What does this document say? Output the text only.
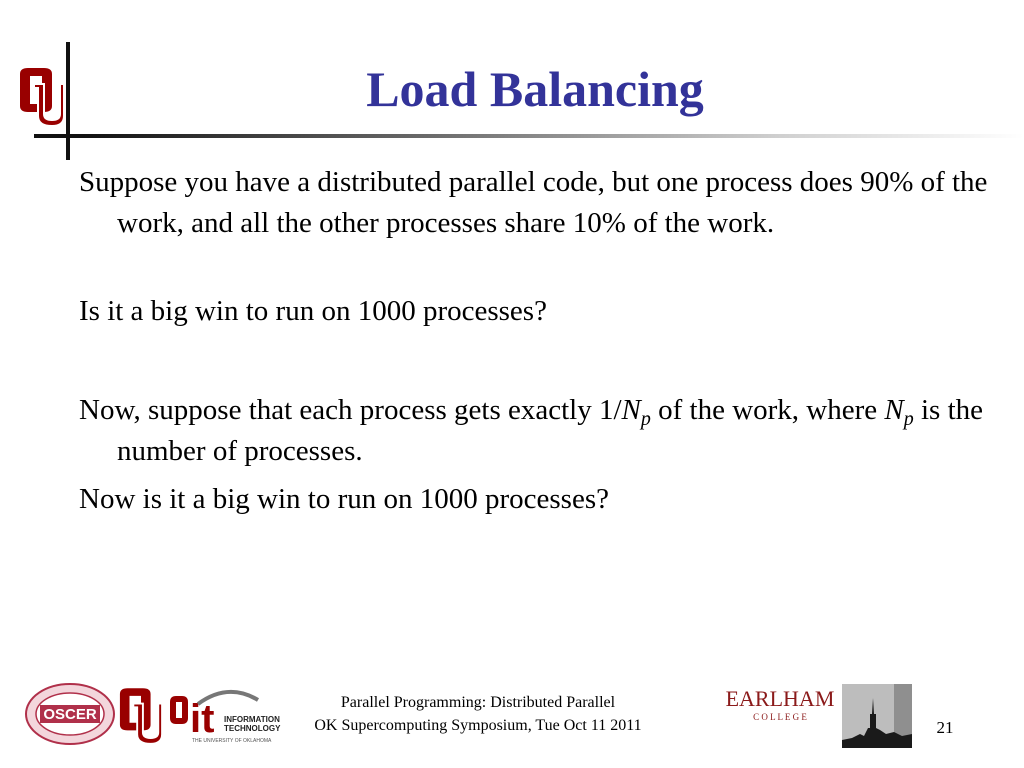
Load Balancing
Suppose you have a distributed parallel code, but one process does 90% of the work, and all the other processes share 10% of the work.
Is it a big win to run on 1000 processes?
Now, suppose that each process gets exactly $1/N_p$ of the work, where $N_p$ is the number of processes.
Now is it a big win to run on 1000 processes?
OSCER it INFORMATION
TECHNOLOGY
THE UNIVERSITY OF OKLAHOMA
Parallel Programming: Distributed Parallel
OK Supercomputing Symposium, Tue Oct 11 2011
EARLHAM
C O L L E G E
21
